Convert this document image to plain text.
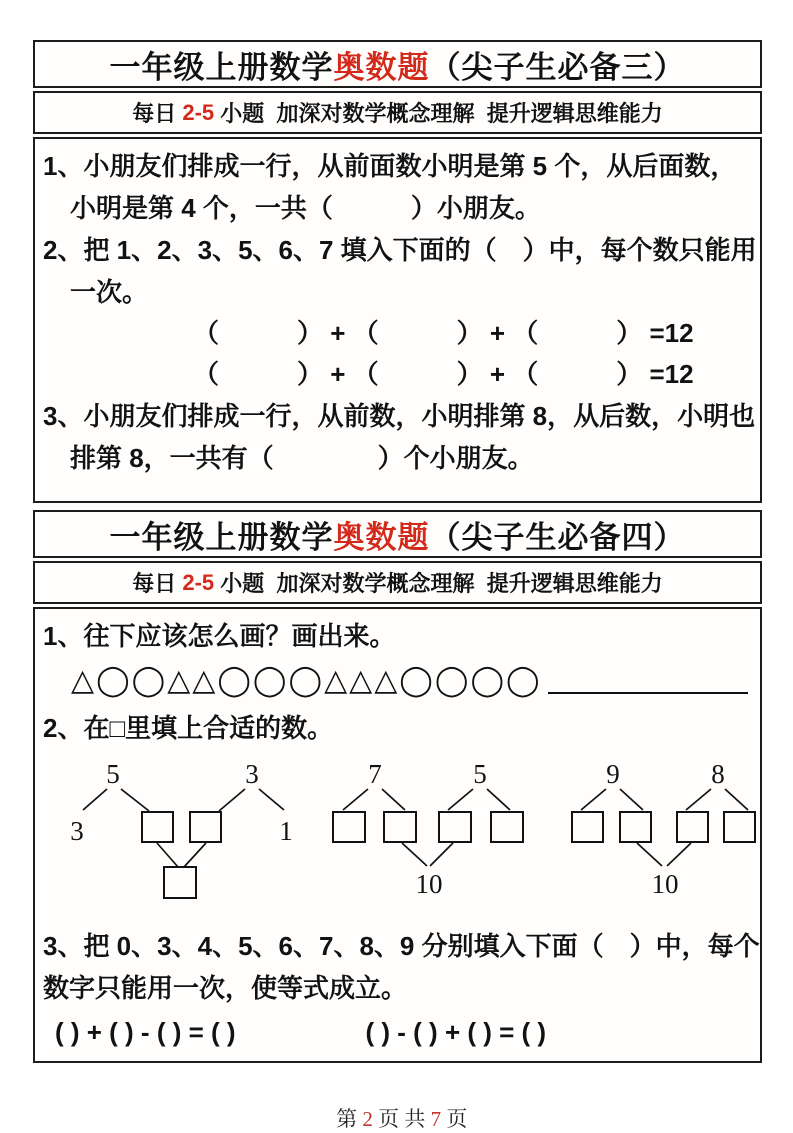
一年级上册数学 奥数题 （尖子生必备三）
每日 2-5 小题  加深对数学概念理解  提升逻辑思维能力
1、小朋友们排成一行，从前面数小明是第 5 个，从后面数，
小明是第 4 个，一共（　　　）小朋友。
2、把 1、2、3、5、6、7 填入下面的（　）中，每个数只能用
一次。
（　　　） + （　　　） + （　　　） =12
（　　　） + （　　　） + （　　　） =12
3、小朋友们排成一行，从前数，小明排第 8，从后数，小明也
排第 8，一共有（　　　　）个小朋友。
一年级上册数学 奥数题 （尖子生必备四）
每日 2-5 小题  加深对数学概念理解  提升逻辑思维能力
1、往下应该怎么画？画出来。
△◯◯△△◯◯◯△△△◯◯◯◯
2、在□里填上合适的数。
5
3
3
1
7	5
10
9	8
10
3、把 0、3、4、5、6、7、8、9 分别填入下面（　）中，每个
数字只能用一次，使等式成立。
( ) + ( ) - ( ) = ( )	( ) - ( ) + ( ) = ( )

第 2 页 共 7 页
